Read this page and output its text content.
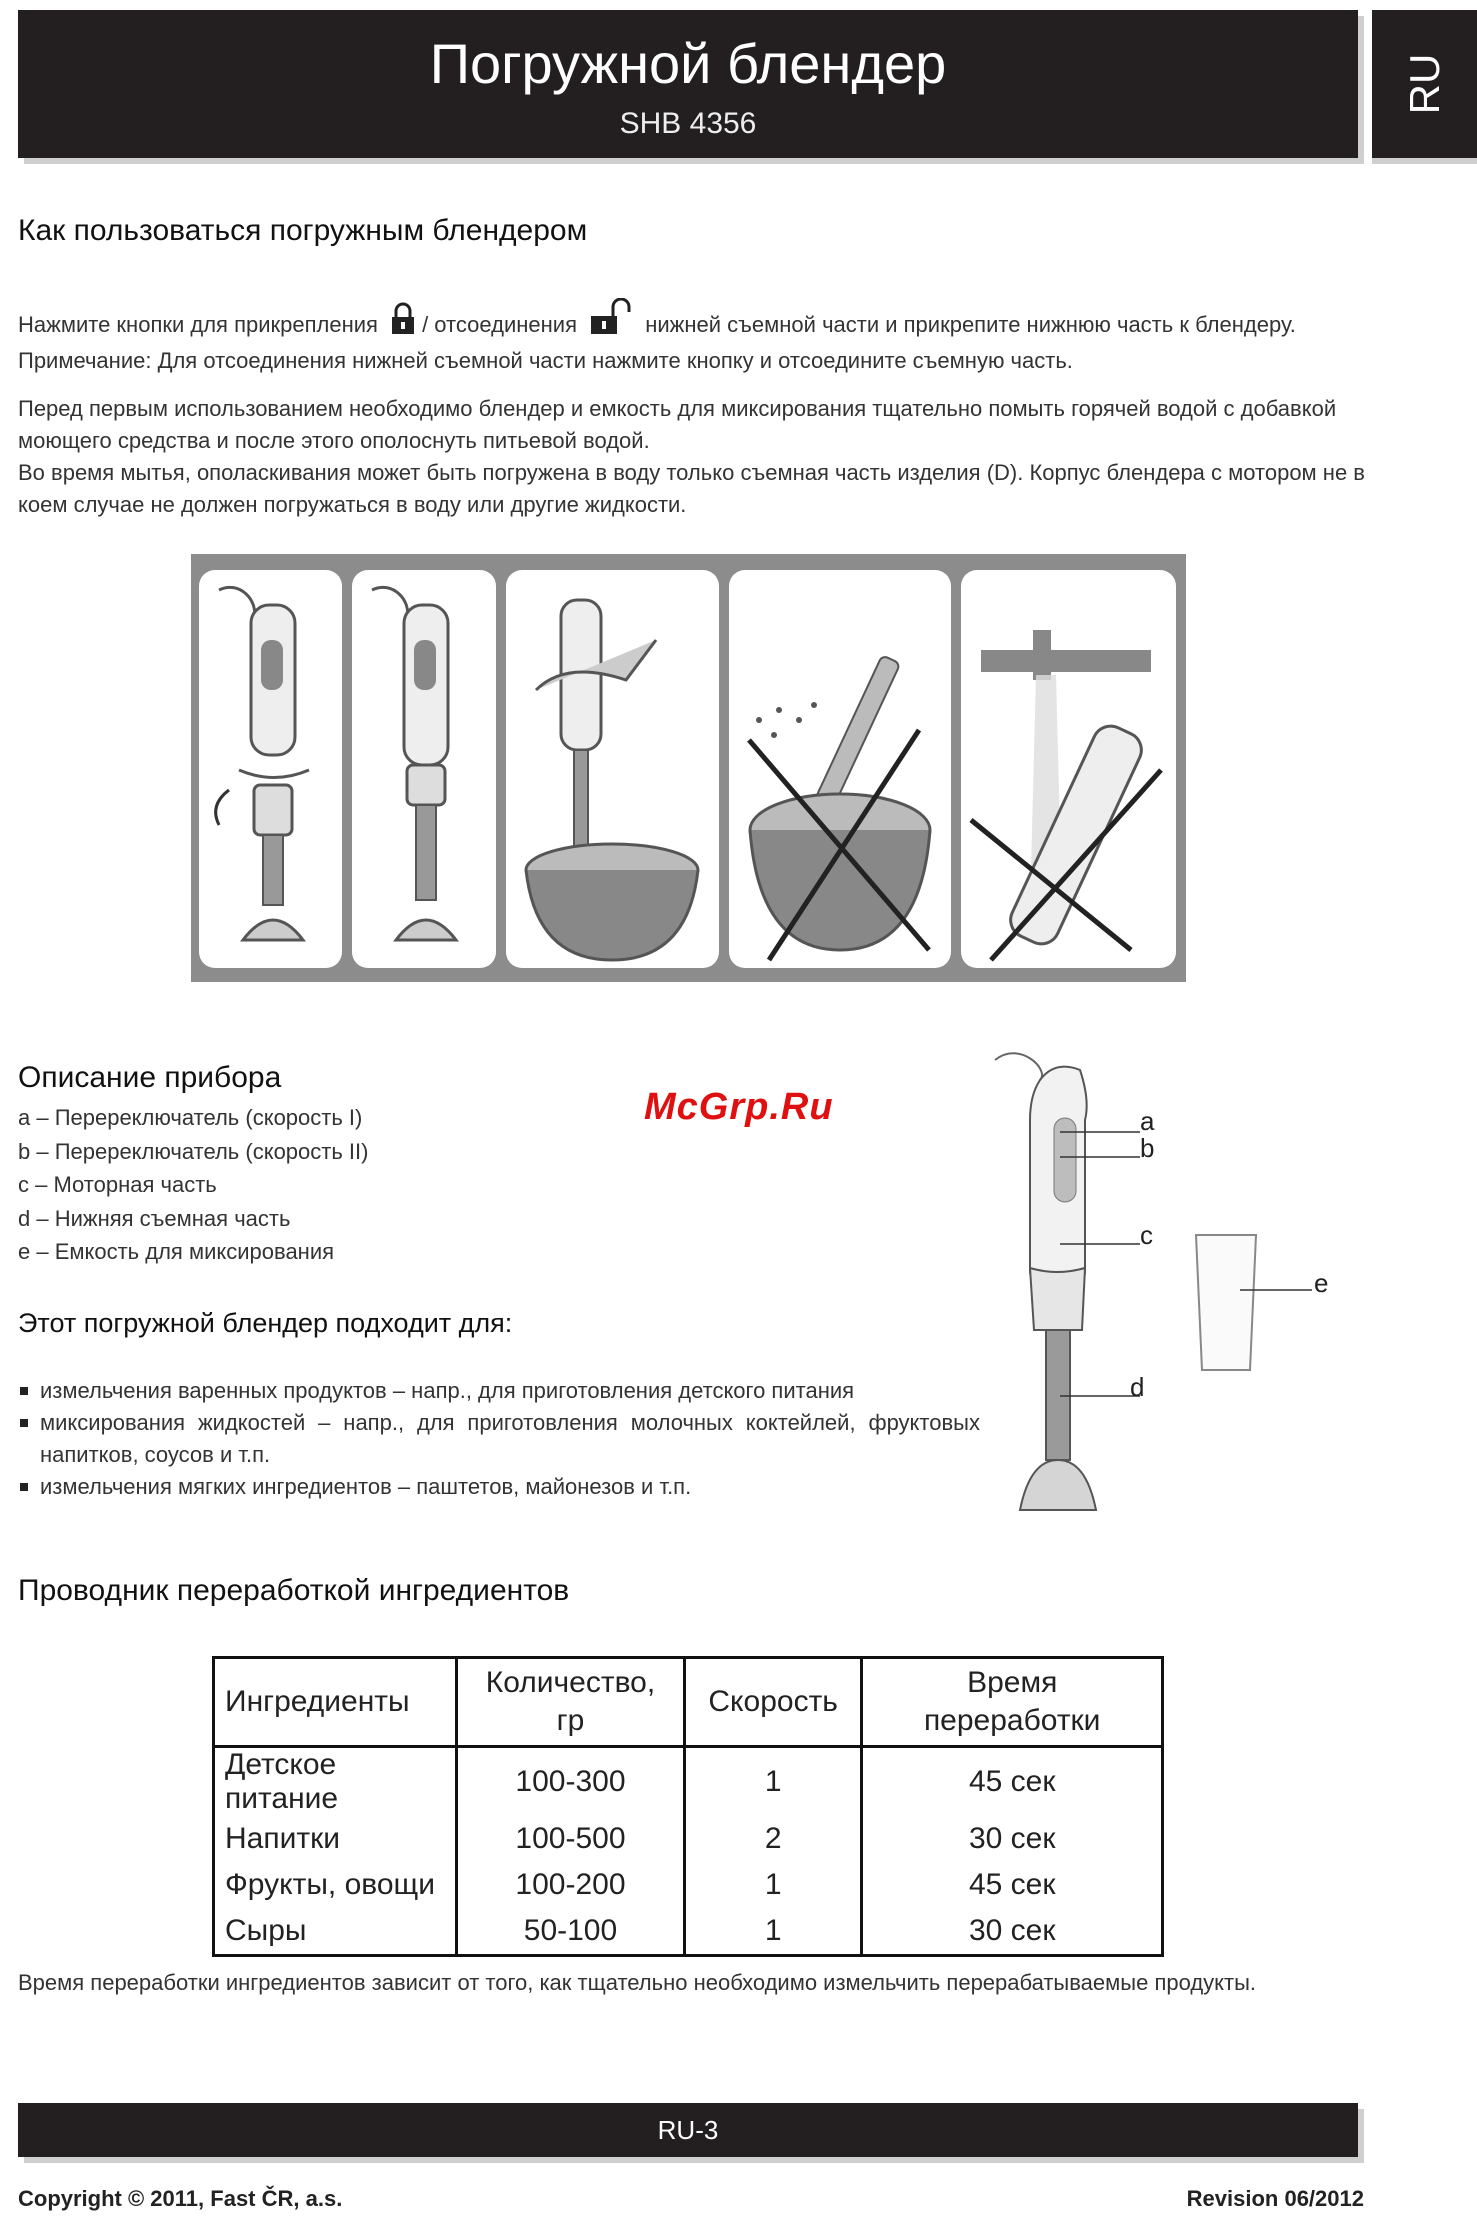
Погружной блендер
SHB 4356
RU
Как пользоваться погружным блендером
Нажмите кнопки для прикрепления / отсоединения	нижней съемной части и прикрепите нижнюю часть к блендеру.
Примечание: Для отсоединения нижней съемной части нажмите кнопку и отсоедините съемную часть.
Перед первым использованием необходимо блендер и емкость для миксирования тщательно помыть горячей водой с добавкой моющего средства и после этого ополоснуть питьевой водой.
Во время мытья, ополаскивания может быть погружена в воду только съемная часть изделия (D). Корпус блендера с мотором не в коем случае не должен погружаться в воду или другие жидкости.
Описание прибора
a – Перереключатель (скорость I)
b – Перереключатель (скорость II)
c – Моторная часть
d – Нижняя съемная часть
e – Емкость для миксирования
McGrp.Ru	a
b
c
d
e
Этот погружной блендер подходит для:
измельчения варенных продуктов – напр., для приготовления детского питания
миксирования жидкостей – напр., для приготовления молочных коктейлей, фруктовых напитков, соусов и т.п.
измельчения мягких ингредиентов – паштетов, майонезов и т.п.
Проводник переработкой ингредиентов
Ингредиенты	Количество, гр	Скорость	Время переработки
Детское питание	100-300	1	45 сек
Напитки	100-500	2	30 сек
Фрукты, овощи	100-200	1	45 сек
Сыры	50-100	1	30 сек
Время переработки ингредиентов зависит от того, как тщательно необходимо измельчить перерабатываемые продукты.
RU-3
Copyright © 2011, Fast ČR, a.s.	Revision 06/2012
